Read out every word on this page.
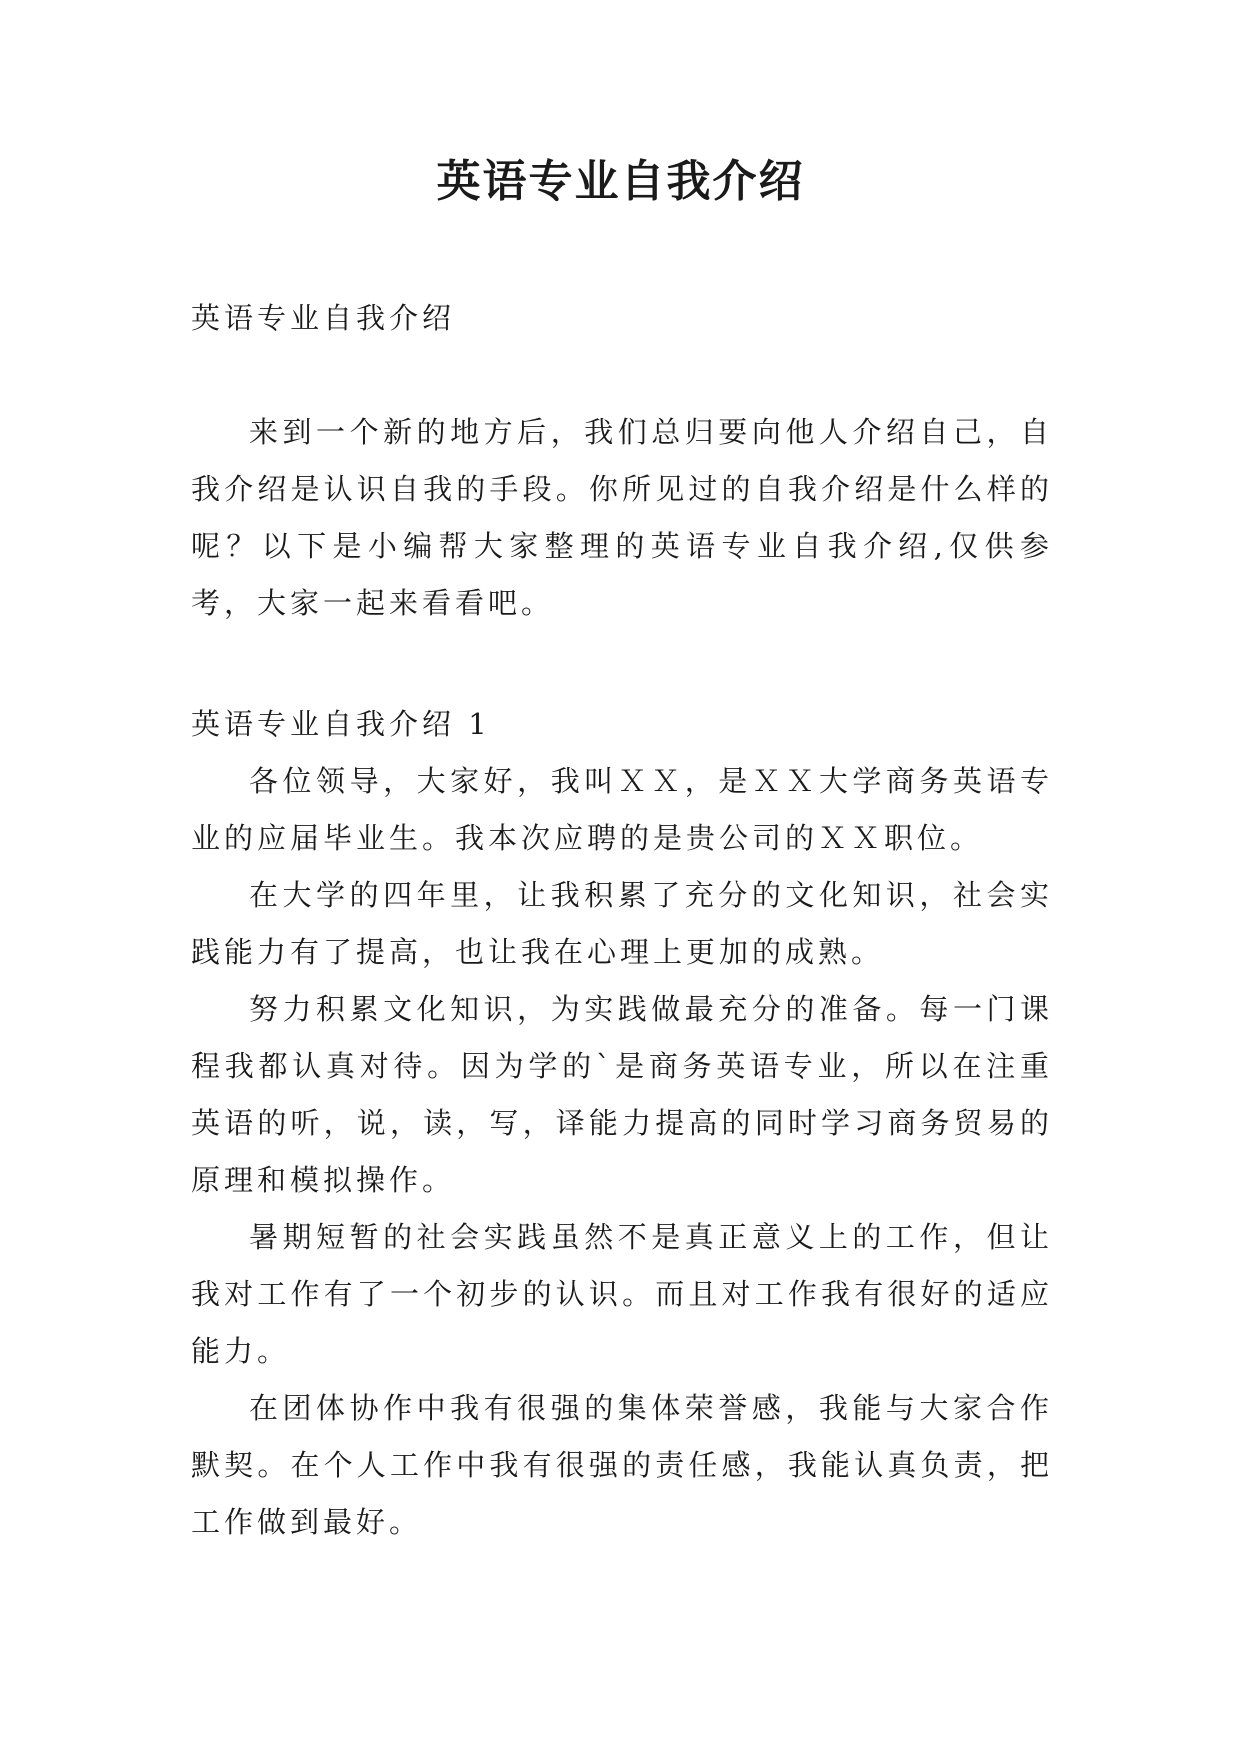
英语专业自我介绍
英语专业自我介绍
来到一个新的地方后，我们总归要向他人介绍自己，自我介绍是认识自我的手段。你所见过的自我介绍是什么样的呢？以下是小编帮大家整理的英语专业自我介绍,仅供参考，大家一起来看看吧。
英语专业自我介绍 1

各位领导，大家好，我叫ＸＸ，是ＸＸ大学商务英语专业的应届毕业生。我本次应聘的是贵公司的ＸＸ职位。

在大学的四年里，让我积累了充分的文化知识，社会实践能力有了提高，也让我在心理上更加的成熟。

努力积累文化知识，为实践做最充分的准备。每一门课程我都认真对待。因为学的`是商务英语专业，所以在注重英语的听，说，读，写，译能力提高的同时学习商务贸易的原理和模拟操作。

暑期短暂的社会实践虽然不是真正意义上的工作，但让我对工作有了一个初步的认识。而且对工作我有很好的适应能力。

在团体协作中我有很强的集体荣誉感，我能与大家合作默契。在个人工作中我有很强的责任感，我能认真负责，把工作做到最好。
